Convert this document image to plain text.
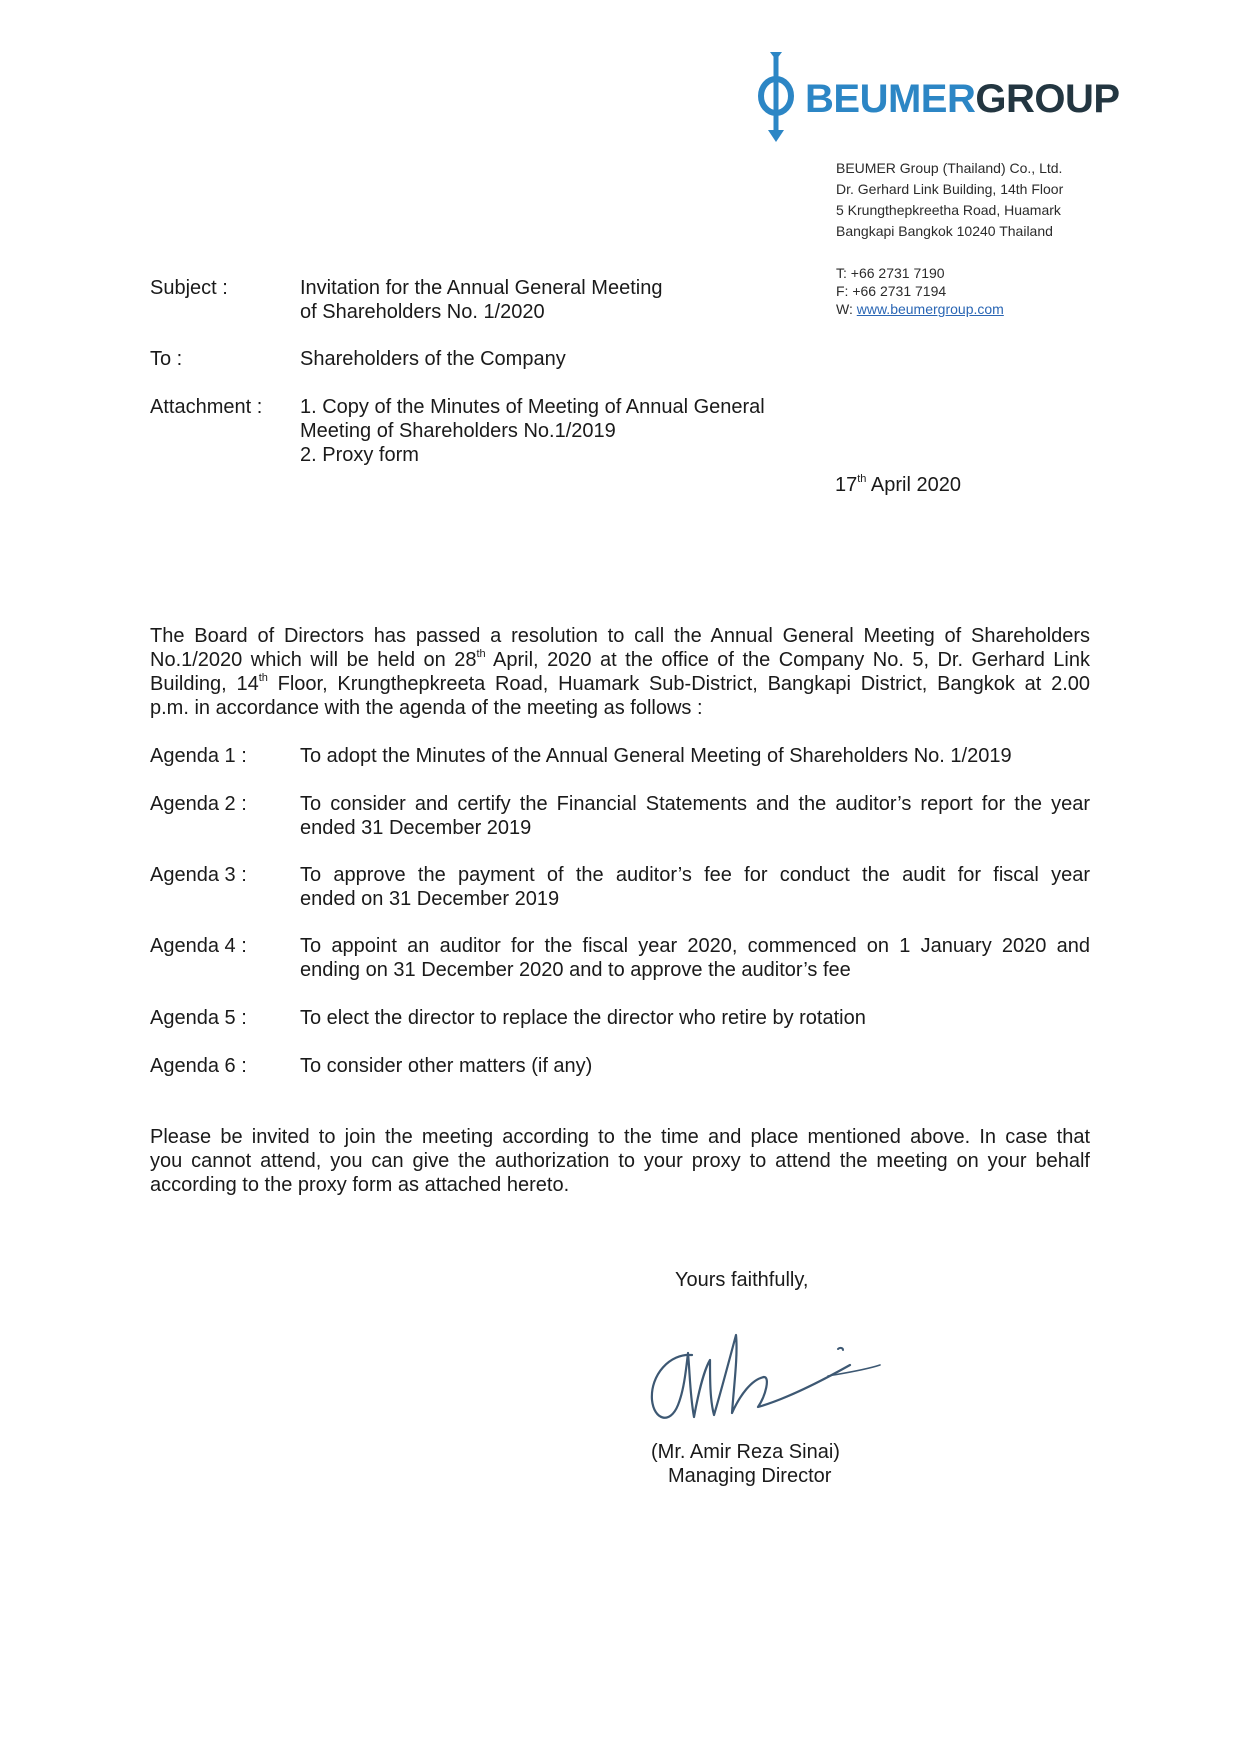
BEUMERGROUP
BEUMER Group (Thailand) Co., Ltd.
Dr. Gerhard Link Building, 14th Floor
5 Krungthepkreetha Road, Huamark
Bangkapi Bangkok 10240 Thailand
T: +66 2731 7190
F: +66 2731 7194
W: www.beumergroup.com
Subject :	Invitation for the Annual General Meeting
of Shareholders No. 1/2020
To :	Shareholders of the Company
Attachment : 1. Copy of the Minutes of Meeting of Annual General
Meeting of Shareholders No.1/2019
2. Proxy form
17th April 2020
The Board of Directors has passed a resolution to call the Annual General Meeting of Shareholders
No.1/2020 which will be held on 28th April, 2020 at the office of the Company No. 5, Dr. Gerhard Link
Building, 14th Floor, Krungthepkreeta Road, Huamark Sub-District, Bangkapi District, Bangkok at 2.00
p.m. in accordance with the agenda of the meeting as follows :
Agenda 1 :	To adopt the Minutes of the Annual General Meeting of Shareholders No. 1/2019
Agenda 2 :	To consider and certify the Financial Statements and the auditor’s report for the year
ended 31 December 2019
Agenda 3 :	To approve the payment of the auditor’s fee for conduct the audit for fiscal year
ended on 31 December 2019
Agenda 4 :	To appoint an auditor for the fiscal year 2020, commenced on 1 January 2020 and
ending on 31 December 2020 and to approve the auditor’s fee
Agenda 5 :	To elect the director to replace the director who retire by rotation
Agenda 6 :	To consider other matters (if any)
Please be invited to join the meeting according to the time and place mentioned above. In case that
you cannot attend, you can give the authorization to your proxy to attend the meeting on your behalf
according to the proxy form as attached hereto.
Yours faithfully,
(Mr. Amir Reza Sinai)
Managing Director
